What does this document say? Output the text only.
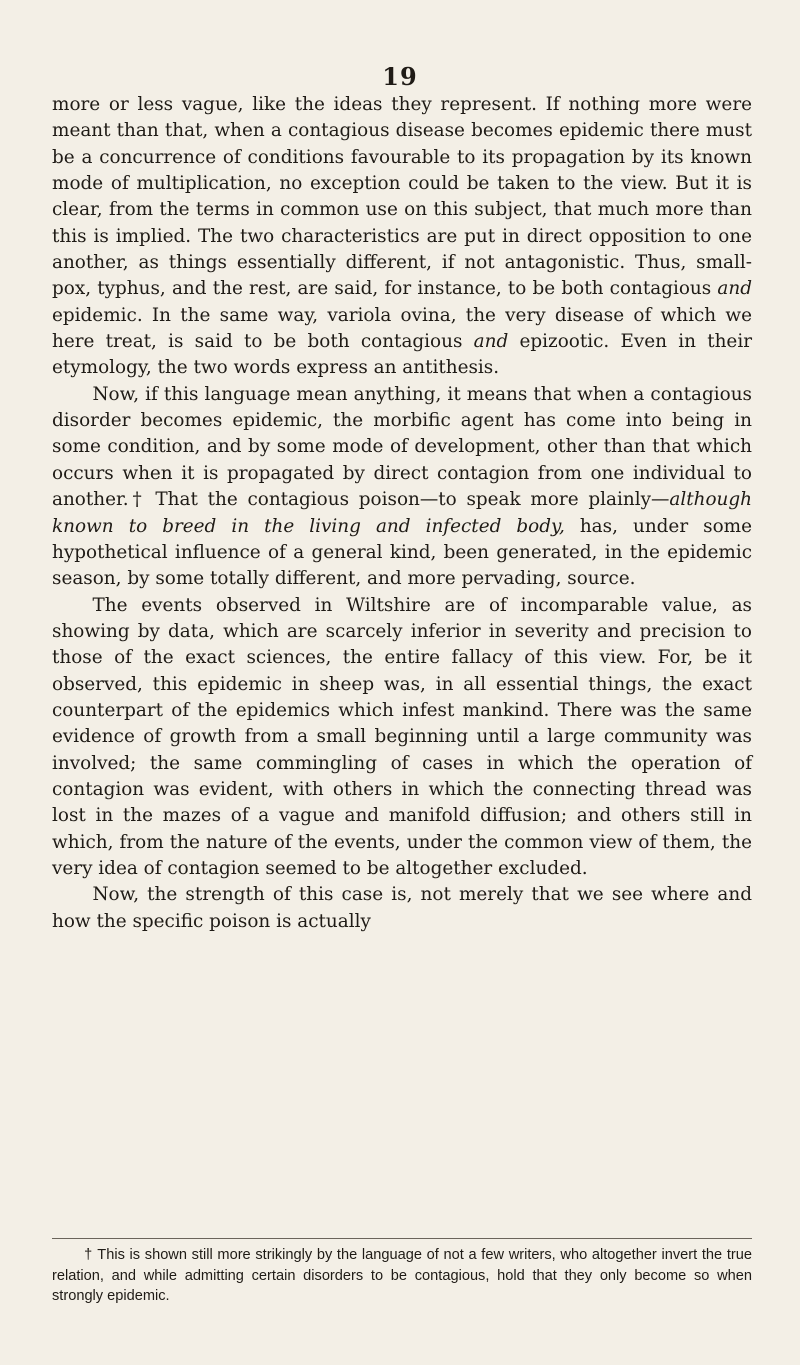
19

more or less vague, like the ideas they represent. If nothing more were meant than that, when a contagious disease becomes epidemic there must be a concurrence of conditions favourable to its propagation by its known mode of multiplication, no exception could be taken to the view. But it is clear, from the terms in common use on this subject, that much more than this is implied. The two characteristics are put in direct opposition to one another, as things essentially different, if not antagonistic. Thus, small-pox, typhus, and the rest, are said, for instance, to be both contagious and epidemic. In the same way, variola ovina, the very disease of which we here treat, is said to be both contagious and epizootic. Even in their etymology, the two words express an antithesis.

Now, if this language mean anything, it means that when a contagious disorder becomes epidemic, the morbific agent has come into being in some condition, and by some mode of development, other than that which occurs when it is propagated by direct contagion from one individual to another.† That the contagious poison—to speak more plainly—although known to breed in the living and infected body, has, under some hypothetical influence of a general kind, been generated, in the epidemic season, by some totally different, and more pervading, source.

The events observed in Wiltshire are of incomparable value, as showing by data, which are scarcely inferior in severity and precision to those of the exact sciences, the entire fallacy of this view. For, be it observed, this epidemic in sheep was, in all essential things, the exact counterpart of the epidemics which infest mankind. There was the same evidence of growth from a small beginning until a large community was involved; the same commingling of cases in which the operation of contagion was evident, with others in which the connecting thread was lost in the mazes of a vague and manifold diffusion; and others still in which, from the nature of the events, under the common view of them, the very idea of contagion seemed to be altogether excluded.

Now, the strength of this case is, not merely that we see where and how the specific poison is actually

† This is shown still more strikingly by the language of not a few writers, who altogether invert the true relation, and while admitting certain disorders to be contagious, hold that they only become so when strongly epidemic.
